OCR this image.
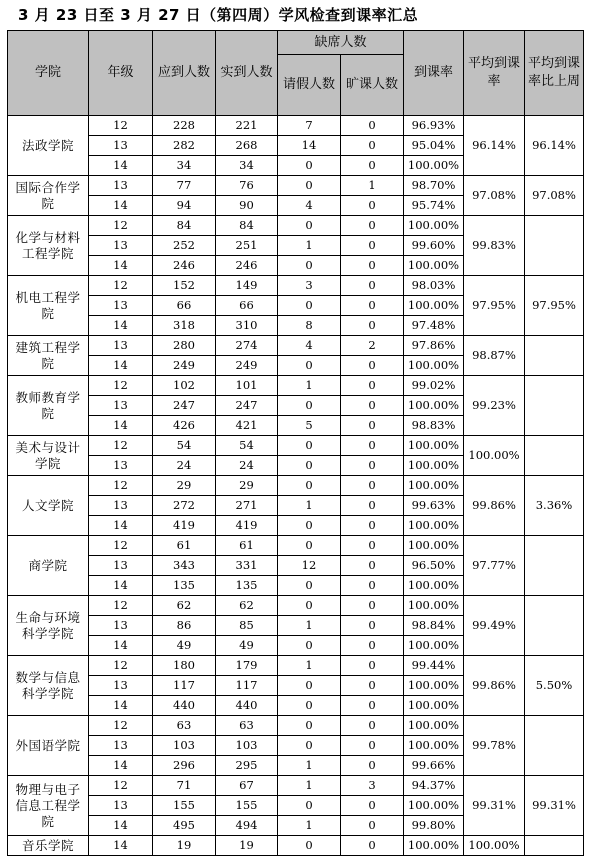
3 月 23 日至 3 月 27 日（第四周）学风检查到课率汇总
学院	年级	应到人数	实到人数	缺席人数		到课率	平均到课率	平均到课率比上周
				请假人数	旷课人数			
法政学院	12	228	221	7	0	96.93%	96.14%	96.14%
	13	282	268	14	0	95.04%		
	14	34	34	0	0	100.00%		
国际合作学院	13	77	76	0	1	98.70%	97.08%	97.08%
	14	94	90	4	0	95.74%		
化学与材料工程学院	12	84	84	0	0	100.00%	99.83%	
	13	252	251	1	0	99.60%		
	14	246	246	0	0	100.00%		
机电工程学院	12	152	149	3	0	98.03%	97.95%	97.95%
	13	66	66	0	0	100.00%		
	14	318	310	8	0	97.48%		
建筑工程学院	13	280	274	4	2	97.86%	98.87%	
	14	249	249	0	0	100.00%		
教师教育学院	12	102	101	1	0	99.02%	99.23%	
	13	247	247	0	0	100.00%		
	14	426	421	5	0	98.83%		
美术与设计学院	12	54	54	0	0	100.00%	100.00%	
	13	24	24	0	0	100.00%		
人文学院	12	29	29	0	0	100.00%	99.86%	3.36%
	13	272	271	1	0	99.63%		
	14	419	419	0	0	100.00%		
商学院	12	61	61	0	0	100.00%	97.77%	
	13	343	331	12	0	96.50%		
	14	135	135	0	0	100.00%		
生命与环境科学学院	12	62	62	0	0	100.00%	99.49%	
	13	86	85	1	0	98.84%		
	14	49	49	0	0	100.00%		
数学与信息科学学院	12	180	179	1	0	99.44%	99.86%	5.50%
	13	117	117	0	0	100.00%		
	14	440	440	0	0	100.00%		
外国语学院	12	63	63	0	0	100.00%	99.78%	
	13	103	103	0	0	100.00%		
	14	296	295	1	0	99.66%		
物理与电子信息工程学院	12	71	67	1	3	94.37%	99.31%	99.31%
	13	155	155	0	0	100.00%		
	14	495	494	1	0	99.80%		
音乐学院	14	19	19	0	0	100.00%	100.00%	
